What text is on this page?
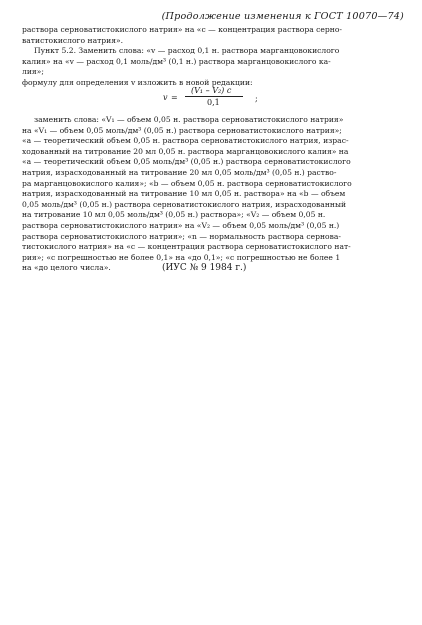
(Продолжение изменения к ГОСТ 10070—74)
раствора серноватистокислого натрия» на «c — концентрация раствора серно-
ватистокислого натрия».
Пункт 5.2. Заменить слова: «v — расход 0,1 н. раствора марганцовокислого
калия» на «v — расход 0,1 моль/дм³ (0,1 н.) раствора марганцовокислого ка-
лия»;
формулу для определения v изложить в новой редакции:
v =
(V₁ – V₂) c
0,1	;
заменить слова: «V₁ — объем 0,05 н. раствора серноватистокислого натрия»
на «V₁ — объем 0,05 моль/дм³ (0,05 н.) раствора серноватистокислого натрия»;
«a — теоретический объем 0,05 н. раствора серноватистокислого натрия, израс-
ходованный на титрование 20 мл 0,05 н. раствора марганцовокислого калия» на
«a — теоретический объем 0,05 моль/дм³ (0,05 н.) раствора серноватистокислого
натрия, израсходованный на титрование 20 мл 0,05 моль/дм³ (0,05 н.) раство-
ра марганцовокислого калия»; «b — объем 0,05 н. раствора серноватистокислого
натрия, израсходованный на титрование 10 мл 0,05 н. раствора» на «b — объем
0,05 моль/дм³ (0,05 н.) раствора серноватистокислого натрия, израсходованный
на титрование 10 мл 0,05 моль/дм³ (0,05 н.) раствора»; «V₂ — объем 0,05 н.
раствора серноватистокислого натрия» на «V₂ — объем 0,05 моль/дм³ (0,05 н.)
раствора серноватистокислого натрия»; «n — нормальность раствора серновa-
тистокислого натрия» на «c — концентрация раствора серноватистокислого нат-
рия»; «с погрешностью не более 0,1» на «до 0,1»; «с погрешностью не более 1
на «до целого числа».	(ИУС № 9 1984 г.)
